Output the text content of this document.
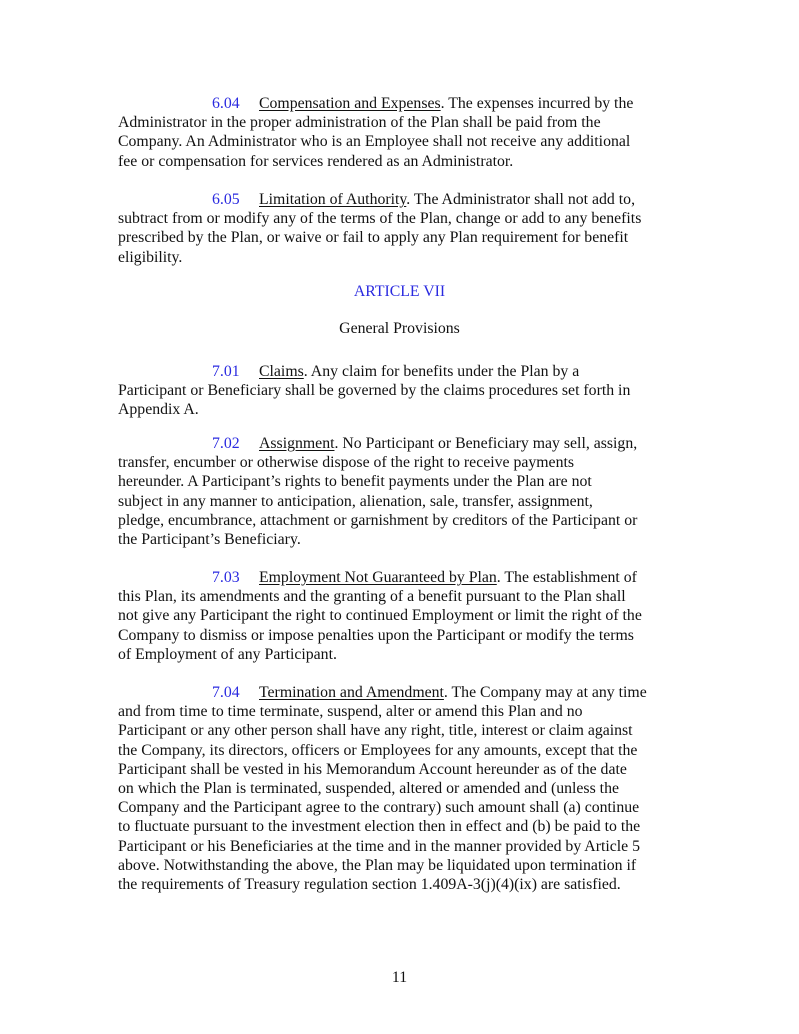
6.04 Compensation and Expenses. The expenses incurred by the
Administrator in the proper administration of the Plan shall be paid from the
Company. An Administrator who is an Employee shall not receive any additional
fee or compensation for services rendered as an Administrator.
6.05 Limitation of Authority. The Administrator shall not add to,
subtract from or modify any of the terms of the Plan, change or add to any benefits
prescribed by the Plan, or waive or fail to apply any Plan requirement for benefit
eligibility.
ARTICLE VII
General Provisions
7.01 Claims. Any claim for benefits under the Plan by a
Participant or Beneficiary shall be governed by the claims procedures set forth in
Appendix A.
7.02 Assignment. No Participant or Beneficiary may sell, assign,
transfer, encumber or otherwise dispose of the right to receive payments
hereunder. A Participant’s rights to benefit payments under the Plan are not
subject in any manner to anticipation, alienation, sale, transfer, assignment,
pledge, encumbrance, attachment or garnishment by creditors of the Participant or
the Participant’s Beneficiary.
7.03 Employment Not Guaranteed by Plan. The establishment of
this Plan, its amendments and the granting of a benefit pursuant to the Plan shall
not give any Participant the right to continued Employment or limit the right of the
Company to dismiss or impose penalties upon the Participant or modify the terms
of Employment of any Participant.
7.04 Termination and Amendment. The Company may at any time
and from time to time terminate, suspend, alter or amend this Plan and no
Participant or any other person shall have any right, title, interest or claim against
the Company, its directors, officers or Employees for any amounts, except that the
Participant shall be vested in his Memorandum Account hereunder as of the date
on which the Plan is terminated, suspended, altered or amended and (unless the
Company and the Participant agree to the contrary) such amount shall (a) continue
to fluctuate pursuant to the investment election then in effect and (b) be paid to the
Participant or his Beneficiaries at the time and in the manner provided by Article 5
above. Notwithstanding the above, the Plan may be liquidated upon termination if
the requirements of Treasury regulation section 1.409A-3(j)(4)(ix) are satisfied.
11
